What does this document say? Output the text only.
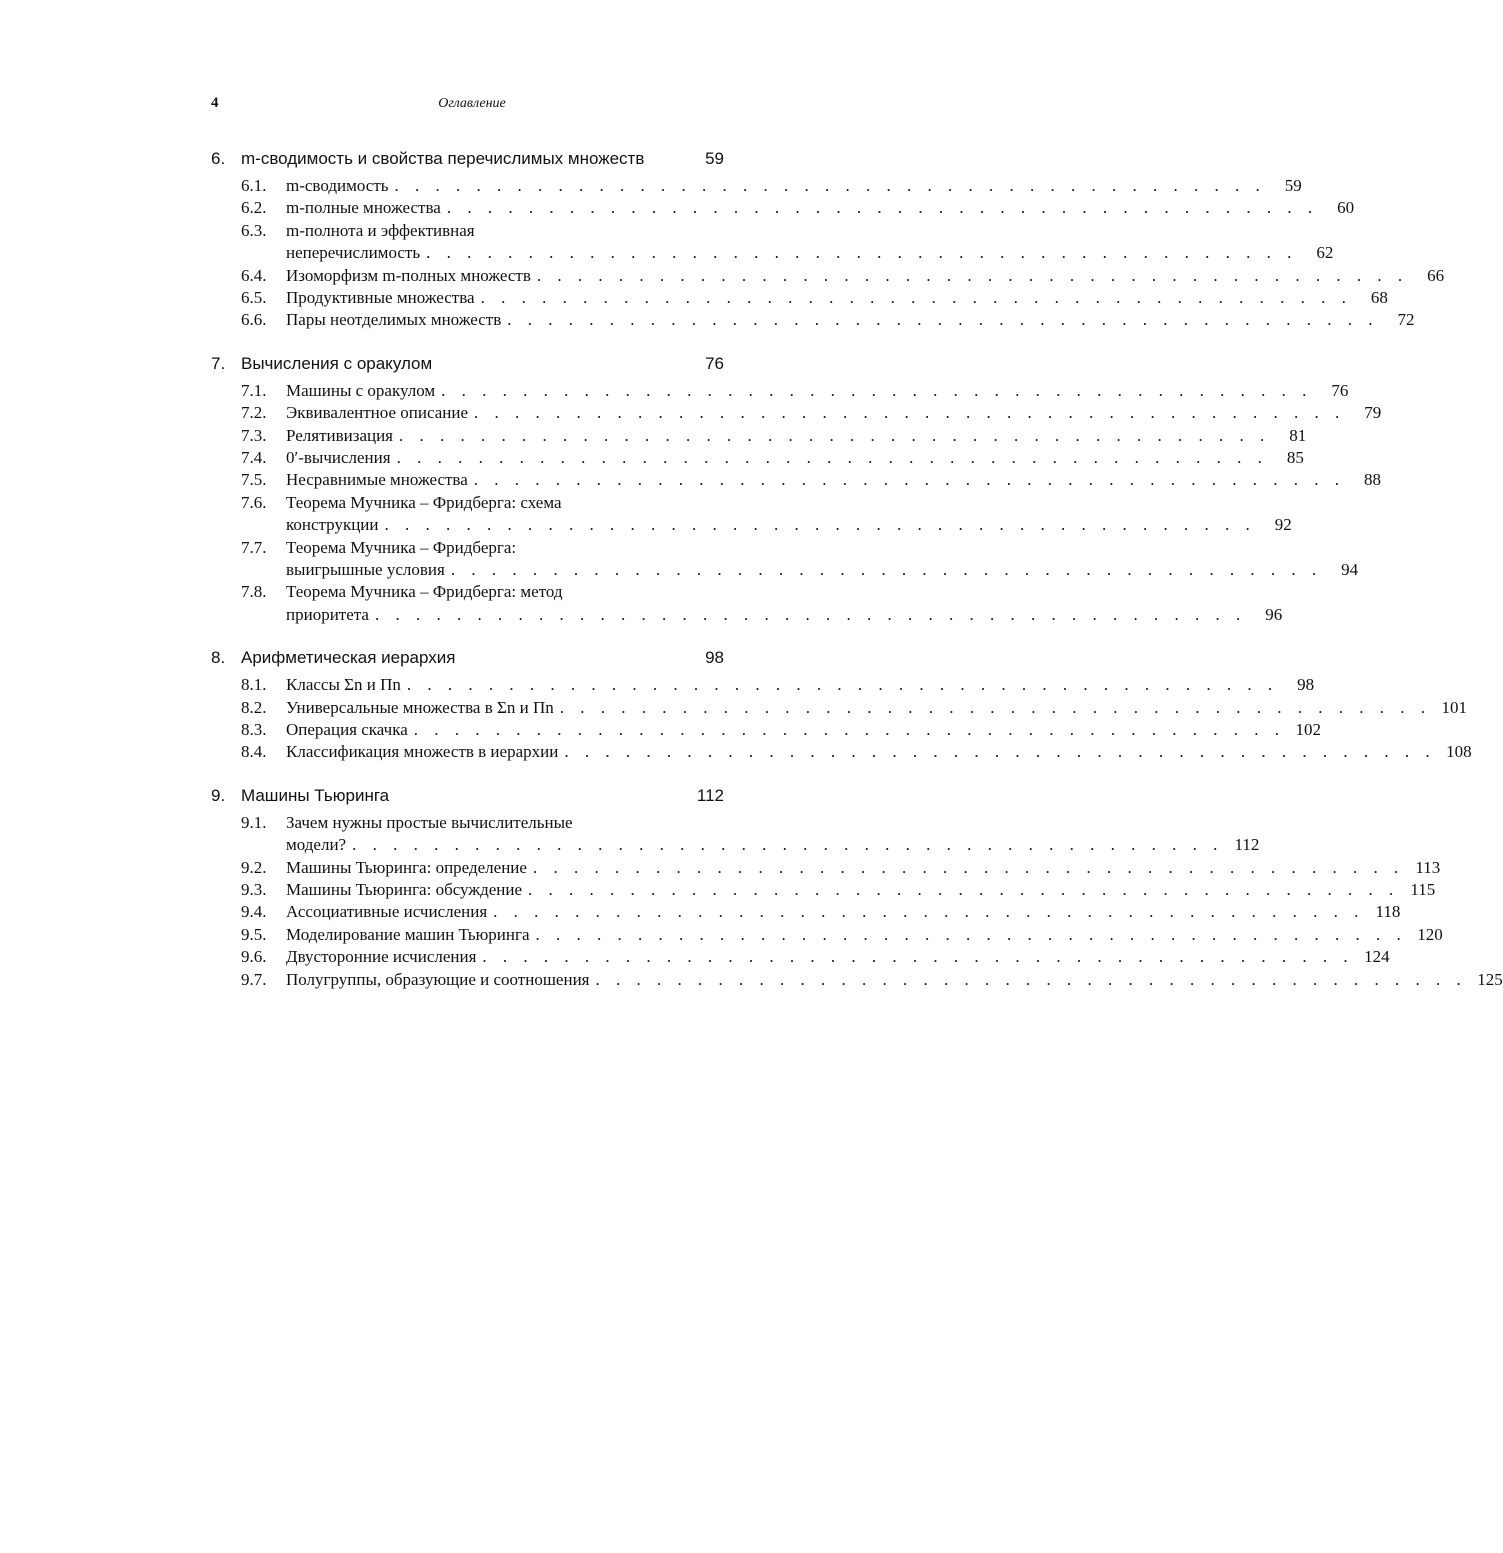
4	Оглавление
6. m-сводимость и свойства перечислимых множеств	59
6.1.	m-сводимость . . . . . . . . . . . . . . . . . . . . . . . . . . . . . . . . . . . . . . . . . . .	59
6.2.	m-полные множества . . . . . . . . . . . . . . . . . . . . . . . . . . . . . . . . . . . . . . . . . . .	60
6.3.	m-полнота и эффективная
неперечислимость . . . . . . . . . . . . . . . . . . . . . . . . . . . . . . . . . . . . . . . . . . .	62
6.4.	Изоморфизм m-полных множеств . . . . . . . . . . . . . . . . . . . . . . . . . . . . . . . . . . . . . . . . . . .	66
6.5.	Продуктивные множества . . . . . . . . . . . . . . . . . . . . . . . . . . . . . . . . . . . . . . . . . . .	68
6.6.	Пары неотделимых множеств . . . . . . . . . . . . . . . . . . . . . . . . . . . . . . . . . . . . . . . . . . .	72
7. Вычисления с оракулом	76
7.1.	Машины с оракулом . . . . . . . . . . . . . . . . . . . . . . . . . . . . . . . . . . . . . . . . . . .	76
7.2.	Эквивалентное описание . . . . . . . . . . . . . . . . . . . . . . . . . . . . . . . . . . . . . . . . . . .	79
7.3.	Релятивизация . . . . . . . . . . . . . . . . . . . . . . . . . . . . . . . . . . . . . . . . . . .	81
7.4.	0′-вычисления . . . . . . . . . . . . . . . . . . . . . . . . . . . . . . . . . . . . . . . . . . .	85
7.5.	Несравнимые множества . . . . . . . . . . . . . . . . . . . . . . . . . . . . . . . . . . . . . . . . . . .	88
7.6.	Теорема Мучника – Фридберга: схема
конструкции . . . . . . . . . . . . . . . . . . . . . . . . . . . . . . . . . . . . . . . . . . .	92
7.7.	Теорема Мучника – Фридберга:
выигрышные условия . . . . . . . . . . . . . . . . . . . . . . . . . . . . . . . . . . . . . . . . . . .	94
7.8.	Теорема Мучника – Фридберга: метод
приоритета . . . . . . . . . . . . . . . . . . . . . . . . . . . . . . . . . . . . . . . . . . .	96
8. Арифметическая иерархия	98
8.1.	Классы Σn и Πn . . . . . . . . . . . . . . . . . . . . . . . . . . . . . . . . . . . . . . . . . . .	98
8.2.	Универсальные множества в Σn и Πn . . . . . . . . . . . . . . . . . . . . . . . . . . . . . . . . . . . . . . . . . . . 101
8.3.	Операция скачка . . . . . . . . . . . . . . . . . . . . . . . . . . . . . . . . . . . . . . . . . . . 102
8.4.	Классификация множеств в иерархии . . . . . . . . . . . . . . . . . . . . . . . . . . . . . . . . . . . . . . . . . . . 108
9. Машины Тьюринга	112
9.1.	Зачем нужны простые вычислительные
модели? . . . . . . . . . . . . . . . . . . . . . . . . . . . . . . . . . . . . . . . . . . . 112
9.2.	Машины Тьюринга: определение . . . . . . . . . . . . . . . . . . . . . . . . . . . . . . . . . . . . . . . . . . . 113
9.3.	Машины Тьюринга: обсуждение . . . . . . . . . . . . . . . . . . . . . . . . . . . . . . . . . . . . . . . . . . . 115
9.4.	Ассоциативные исчисления . . . . . . . . . . . . . . . . . . . . . . . . . . . . . . . . . . . . . . . . . . . 118
9.5.	Моделирование машин Тьюринга . . . . . . . . . . . . . . . . . . . . . . . . . . . . . . . . . . . . . . . . . . . 120
9.6.	Двусторонние исчисления . . . . . . . . . . . . . . . . . . . . . . . . . . . . . . . . . . . . . . . . . . . 124
9.7.	Полугруппы, образующие и соотношения . . . . . . . . . . . . . . . . . . . . . . . . . . . . . . . . . . . . . . . . . . . 125
